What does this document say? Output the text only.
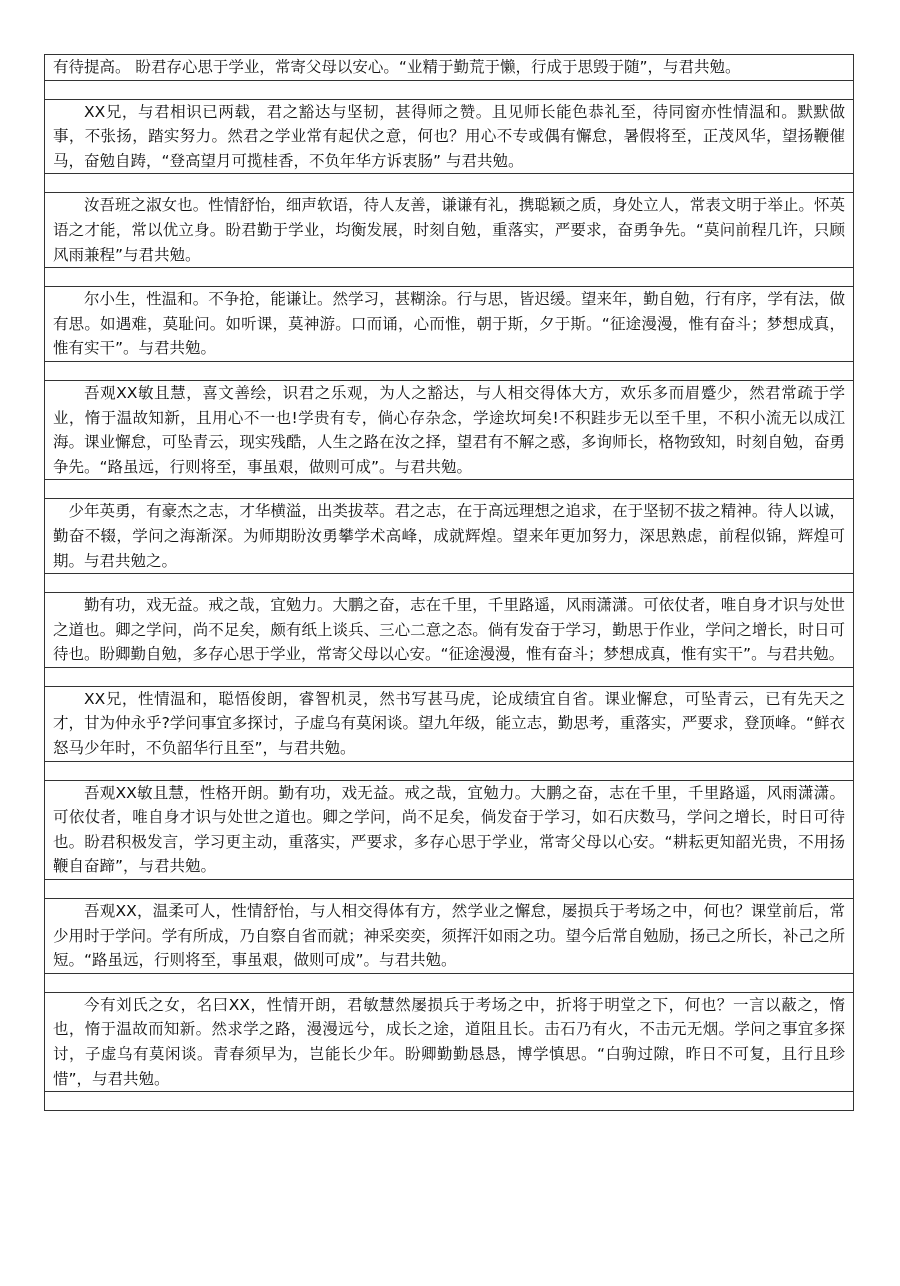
有待提高。 盼君存心思于学业，常寄父母以安心。“业精于勤荒于懒，行成于思毁于随”，与君共勉。

XX兄，与君相识已两载，君之豁达与坚韧，甚得师之赞。且见师长能色恭礼至，待同窗亦性情温和。默默做事，不张扬，踏实努力。然君之学业常有起伏之意，何也？用心不专或偶有懈怠，暑假将至，正茂风华，望扬鞭催马，奋勉自踌，“登高望月可揽桂香，不负年华方诉衷肠” 与君共勉。

汝吾班之淑女也。性情舒怡，细声软语，待人友善，谦谦有礼，携聪颖之质，身处立人，常表文明于举止。怀英语之才能，常以优立身。盼君勤于学业，均衡发展，时刻自勉，重落实，严要求，奋勇争先。“莫问前程几许，只顾风雨兼程”与君共勉。

尔小生，性温和。不争抢，能谦让。然学习，甚糊涂。行与思，皆迟缓。望来年，勤自勉，行有序，学有法，做有思。如遇难，莫耻问。如听课，莫神游。口而诵，心而惟，朝于斯，夕于斯。“征途漫漫，惟有奋斗；梦想成真，惟有实干”。与君共勉。

吾观XX敏且慧，喜文善绘，识君之乐观，为人之豁达，与人相交得体大方，欢乐多而眉蹙少，然君常疏于学业，惰于温故知新，且用心不一也!学贵有专，倘心存杂念，学途坎坷矣!不积跬步无以至千里，不积小流无以成江海。课业懈怠，可坠青云，现实残酷，人生之路在汝之择，望君有不解之惑，多询师长，格物致知，时刻自勉，奋勇争先。“路虽远，行则将至，事虽艰，做则可成”。与君共勉。

少年英勇，有豪杰之志，才华横溢，出类拔萃。君之志，在于高远理想之追求，在于坚韧不拔之精神。待人以诚，勤奋不辍，学问之海渐深。为师期盼汝勇攀学术高峰，成就辉煌。望来年更加努力，深思熟虑，前程似锦，辉煌可期。与君共勉之。

勤有功，戏无益。戒之哉，宜勉力。大鹏之奋，志在千里，千里路遥，风雨潇潇。可依仗者，唯自身才识与处世之道也。卿之学问，尚不足矣，颇有纸上谈兵、三心二意之态。倘有发奋于学习，勤思于作业，学问之增长，时日可待也。盼卿勤自勉，多存心思于学业，常寄父母以心安。“征途漫漫，惟有奋斗；梦想成真，惟有实干”。与君共勉。

XX兄，性情温和，聪悟俊朗，睿智机灵，然书写甚马虎，论成绩宜自省。课业懈怠，可坠青云，已有先天之才，甘为仲永乎?学问事宜多探讨，子虚乌有莫闲谈。望九年级，能立志，勤思考，重落实，严要求，登顶峰。“鲜衣怒马少年时，不负韶华行且至”，与君共勉。

吾观XX敏且慧，性格开朗。勤有功，戏无益。戒之哉，宜勉力。大鹏之奋，志在千里，千里路遥，风雨潇潇。可依仗者，唯自身才识与处世之道也。卿之学问，尚不足矣，倘发奋于学习，如石庆数马，学问之增长，时日可待也。盼君积极发言，学习更主动，重落实，严要求，多存心思于学业，常寄父母以心安。“耕耘更知韶光贵，不用扬鞭自奋蹄”，与君共勉。

吾观XX，温柔可人，性情舒怡，与人相交得体有方，然学业之懈怠，屡损兵于考场之中，何也？课堂前后，常少用时于学问。学有所成，乃自察自省而就；神采奕奕，须挥汗如雨之功。望今后常自勉励，扬己之所长，补己之所短。“路虽远，行则将至，事虽艰，做则可成”。与君共勉。

今有刘氏之女，名曰XX，性情开朗，君敏慧然屡损兵于考场之中，折将于明堂之下，何也？一言以蔽之，惰也，惰于温故而知新。然求学之路，漫漫远兮，成长之途，道阻且长。击石乃有火，不击元无烟。学问之事宜多探讨，子虚乌有莫闲谈。青春须早为，岂能长少年。盼卿勤勤恳恳，博学慎思。“白驹过隙，昨日不可复，且行且珍惜”，与君共勉。
